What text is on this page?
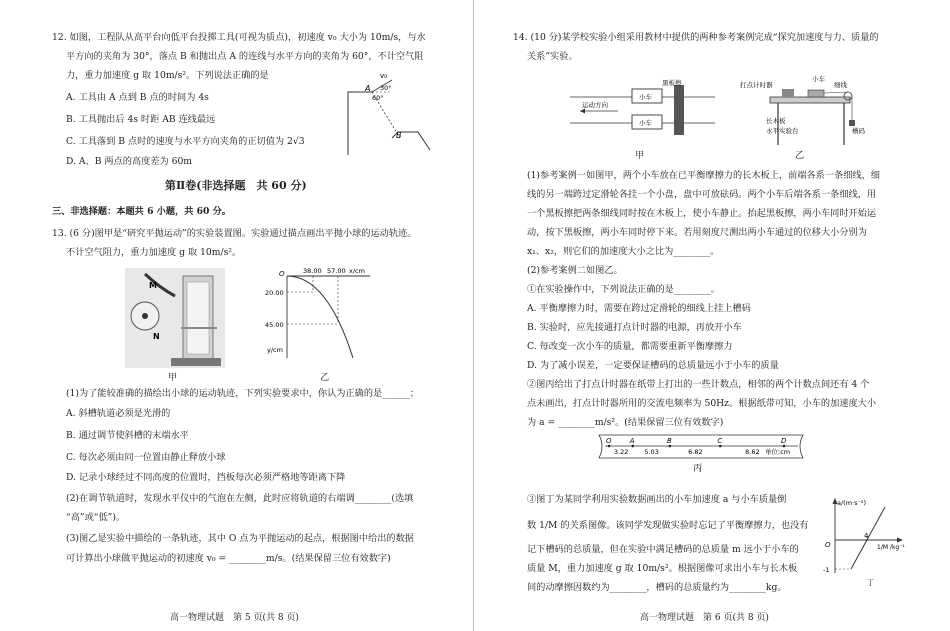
12. 如图，工程队从高平台向低平台投掷工具(可视为质点)，初速度 v₀ 大小为 10m/s，与水
平方向的夹角为 30°，落点 B 和抛出点 A 的连线与水平方向的夹角为 60°，不计空气阻
力，重力加速度 g 取 10m/s²。下列说法正确的是
A. 工具由 A 点到 B 点的时间为 4s
B. 工具抛出后 4s 时距 AB 连线最远
C. 工具落到 B 点时的速度与水平方向夹角的正切值为 2√3
D. A、B 两点的高度差为 60m
v₀
30°
60°
A
B
第Ⅱ卷(非选择题　共 60 分)
三、非选择题：本题共 6 小题，共 60 分。
13. (6 分)图甲是“研究平抛运动”的实验装置图。实验通过描点画出平抛小球的运动轨迹。
不计空气阻力，重力加速度 g 取 10m/s²。
M
N
甲
O	38.00 57.00 x/cm
20.00
45.00
y/cm
乙
(1)为了能较准确的描绘出小球的运动轨迹，下列实验要求中，你认为正确的是______；
A. 斜槽轨道必须是光滑的
B. 通过调节使斜槽的末端水平
C. 每次必须由同一位置由静止释放小球
D. 记录小球经过不同高度的位置时，挡板每次必须严格地等距离下降
(2)在调节轨道时，发现水平仪中的气泡在左侧，此时应将轨道的右端调________(选填
“高”或“低”)。
(3)图乙是实验中描绘的一条轨迹，其中 O 点为平抛运动的起点，根据图中给出的数据
可计算出小球做平抛运动的初速度 v₀ = ________m/s。(结果保留三位有效数字)
高一物理试题　第 5 页(共 8 页)
14. (10 分)某学校实验小组采用教材中提供的两种参考案例完成“探究加速度与力、质量的
关系”实验。
运动方向
小车
小车
黑板擦
甲
打点计时器
小车
细线
长木板
水平实验台	槽码
乙
(1)参考案例一如图甲，两个小车放在已平衡摩擦力的长木板上，前端各系一条细线，细
线的另一端跨过定滑轮各挂一个小盘，盘中可放砝码。两个小车后端各系一条细线，用
一个黑板擦把两条细线同时按在木板上，使小车静止。抬起黑板擦，两小车同时开始运
动，按下黑板擦，两小车同时停下来。若用刻度尺测出两小车通过的位移大小分别为
x₁、x₂，则它们的加速度大小之比为________。
(2)参考案例二如图乙。
①在实验操作中，下列说法正确的是________。
A. 平衡摩擦力时，需要在跨过定滑轮的细线上挂上槽码
B. 实验时，应先接通打点计时器的电源，再放开小车
C. 每改变一次小车的质量，都需要重新平衡摩擦力
D. 为了减小误差，一定要保证槽码的总质量远小于小车的质量
②图丙给出了打点计时器在纸带上打出的一些计数点，相邻的两个计数点间还有 4 个
点未画出，打点计时器所用的交流电频率为 50Hz。根据纸带可知，小车的加速度大小
为 a = ________m/s²。(结果保留三位有效数字)
O	A	B	C	D
3.22 5.03	6.82	8.62 单位:cm
丙
③图丁为某同学利用实验数据画出的小车加速度 a 与小车质量倒
数 1/M 的关系图像。该同学发现做实验时忘记了平衡摩擦力，也没有
记下槽码的总质量，但在实验中满足槽码的总质量 m 远小于小车的
质量 M，重力加速度 g 取 10m/s²。根据图像可求出小车与长木板
间的动摩擦因数约为________，槽码的总质量约为________kg。
a/(m·s⁻²)
O
4
1/M /kg⁻¹
-1
丁
高一物理试题　第 6 页(共 8 页)
